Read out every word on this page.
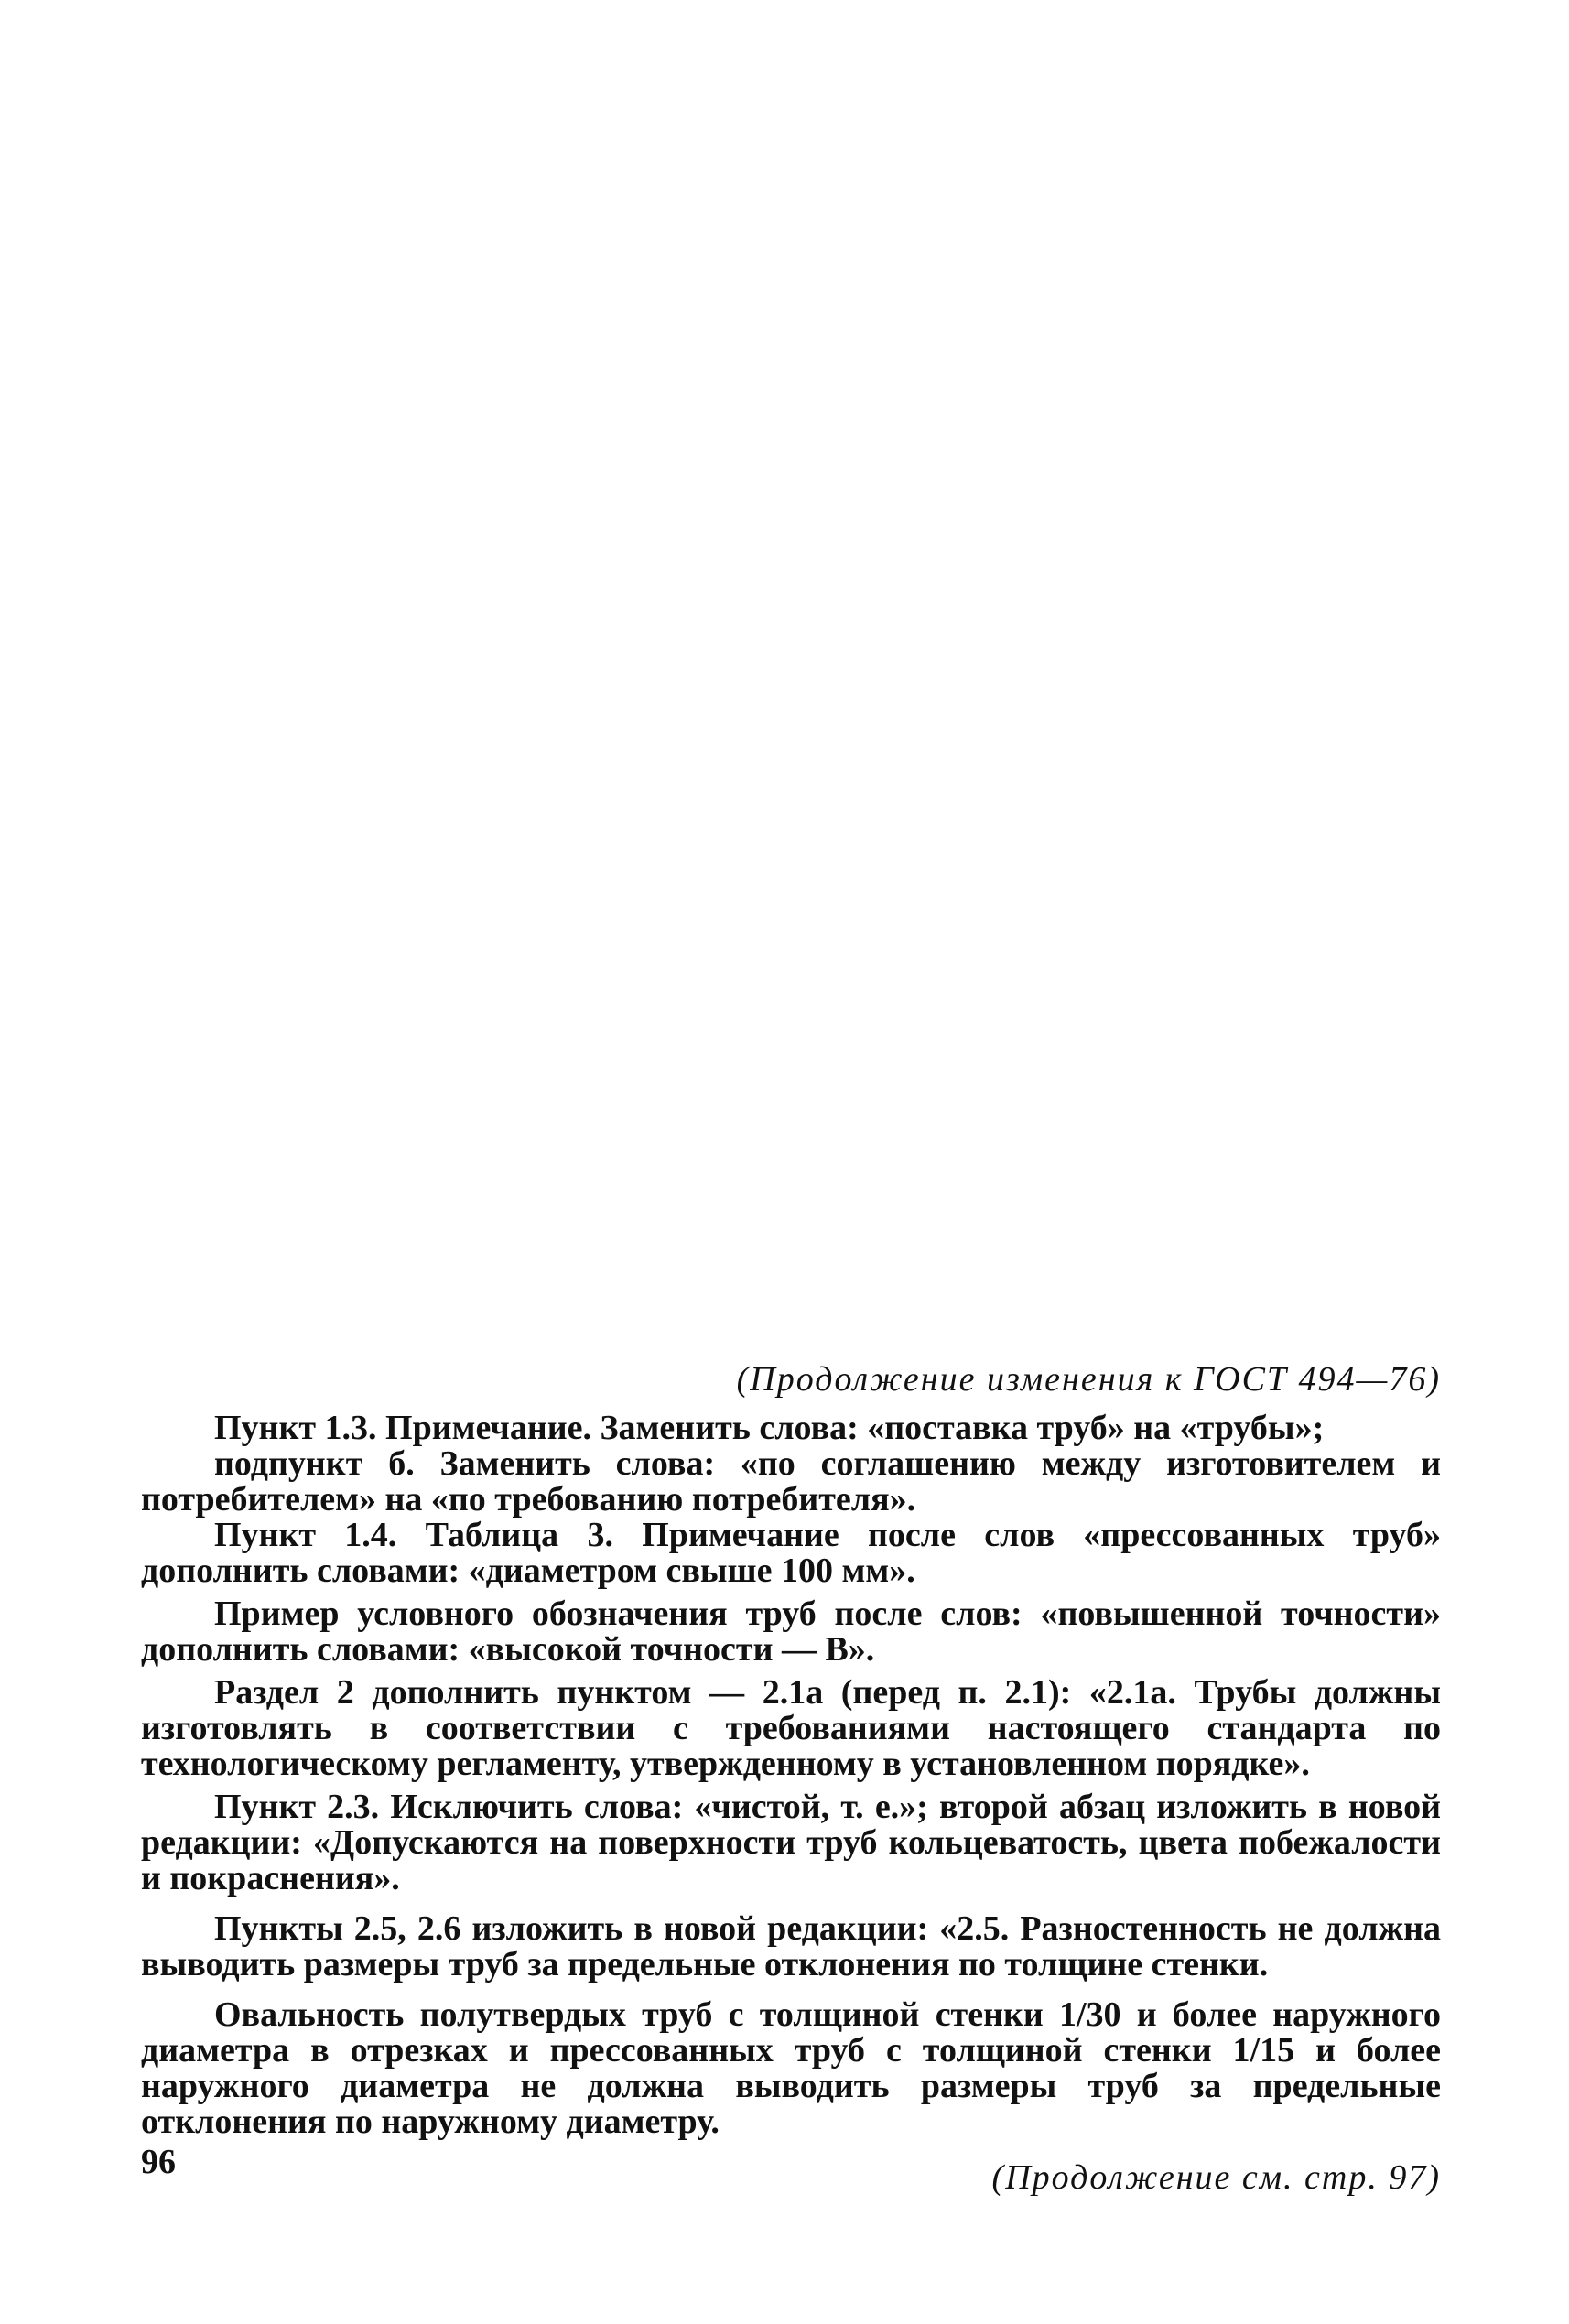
(Продолжение изменения к ГОСТ 494—76)

Пункт 1.3. Примечание. Заменить слова: «поставка труб» на «трубы»;

подпункт б. Заменить слова: «по соглашению между изготовителем и потребителем» на «по требованию потребителя».

Пункт 1.4. Таблица 3. Примечание после слов «прессованных труб» дополнить словами: «диаметром свыше 100 мм».

Пример условного обозначения труб после слов: «повышенной точности» дополнить словами: «высокой точности — В».

Раздел 2 дополнить пунктом — 2.1а (перед п. 2.1): «2.1а. Трубы должны изготовлять в соответствии с требованиями настоящего стандарта по технологическому регламенту, утвержденному в установленном порядке».

Пункт 2.3. Исключить слова: «чистой, т. е.»; второй абзац изложить в новой редакции: «Допускаются на поверхности труб кольцеватость, цвета побежалости и покраснения».

Пункты 2.5, 2.6 изложить в новой редакции: «2.5. Разностенность не должна выводить размеры труб за предельные отклонения по толщине стенки.

Овальность полутвердых труб с толщиной стенки 1/30 и более наружного диаметра в отрезках и прессованных труб с толщиной стенки 1/15 и более наружного диаметра не должна выводить размеры труб за предельные отклонения по наружному диаметру.

(Продолжение см. стр. 97)
96
